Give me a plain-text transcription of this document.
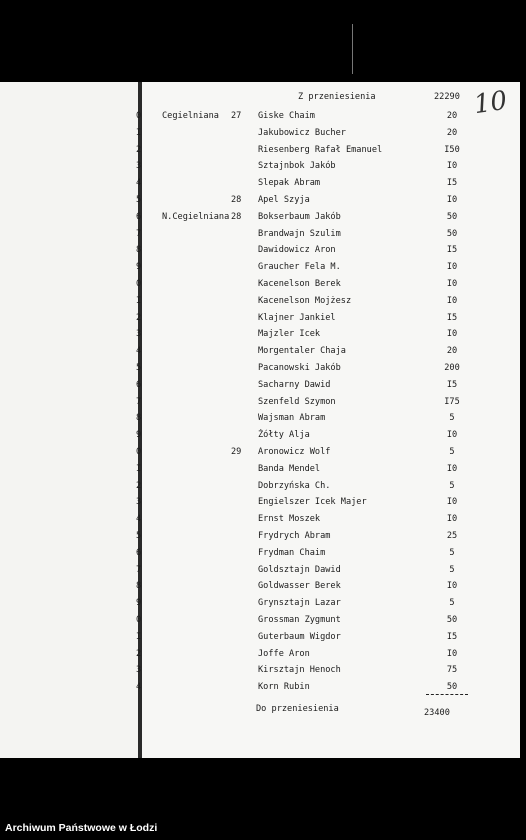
Z przeniesienia	22290 10
0	Cegielniana 27 Giske Chaim	20
I	Jakubowicz Bucher	20
2	Riesenberg Rafał Emanuel	I50
3	Sztajnbok Jakób	I0
4	Slepak Abram	I5
5	28 Apel Szyja	I0
6	N.Cegielniana 28 Bokserbaum Jakób	50
7	Brandwajn Szulim	50
8	Dawidowicz Aron	I5
9	Graucher Fela M.	I0
0	Kacenelson Berek	I0
I	Kacenelson Mojżesz	I0
2	Klajner Jankiel	I5
3	Majzler Icek	I0
4	Morgentaler Chaja	20
5	Pacanowski Jakób	200
6	Sacharny Dawid	I5
7	Szenfeld Szymon	I75
8	Wajsman Abram	5
9	Żółty Alja	I0
0	29 Aronowicz Wolf	5
I	Banda Mendel	I0
2	Dobrzyńska Ch.	5
3	Engielszer Icek Majer	I0
4	Ernst Moszek	I0
5	Frydrych Abram	25
6	Frydman Chaim	5
7	Goldsztajn Dawid	5
8	Goldwasser Berek	I0
9	Grynsztajn Lazar	5
0	Grossman Zygmunt	50
I	Guterbaum Wigdor	I5
2	Joffe Aron	I0
3	Kirsztajn Henoch	75
4	Korn Rubin	50
Do przeniesienia	23400
Archiwum Państwowe w Łodzi
